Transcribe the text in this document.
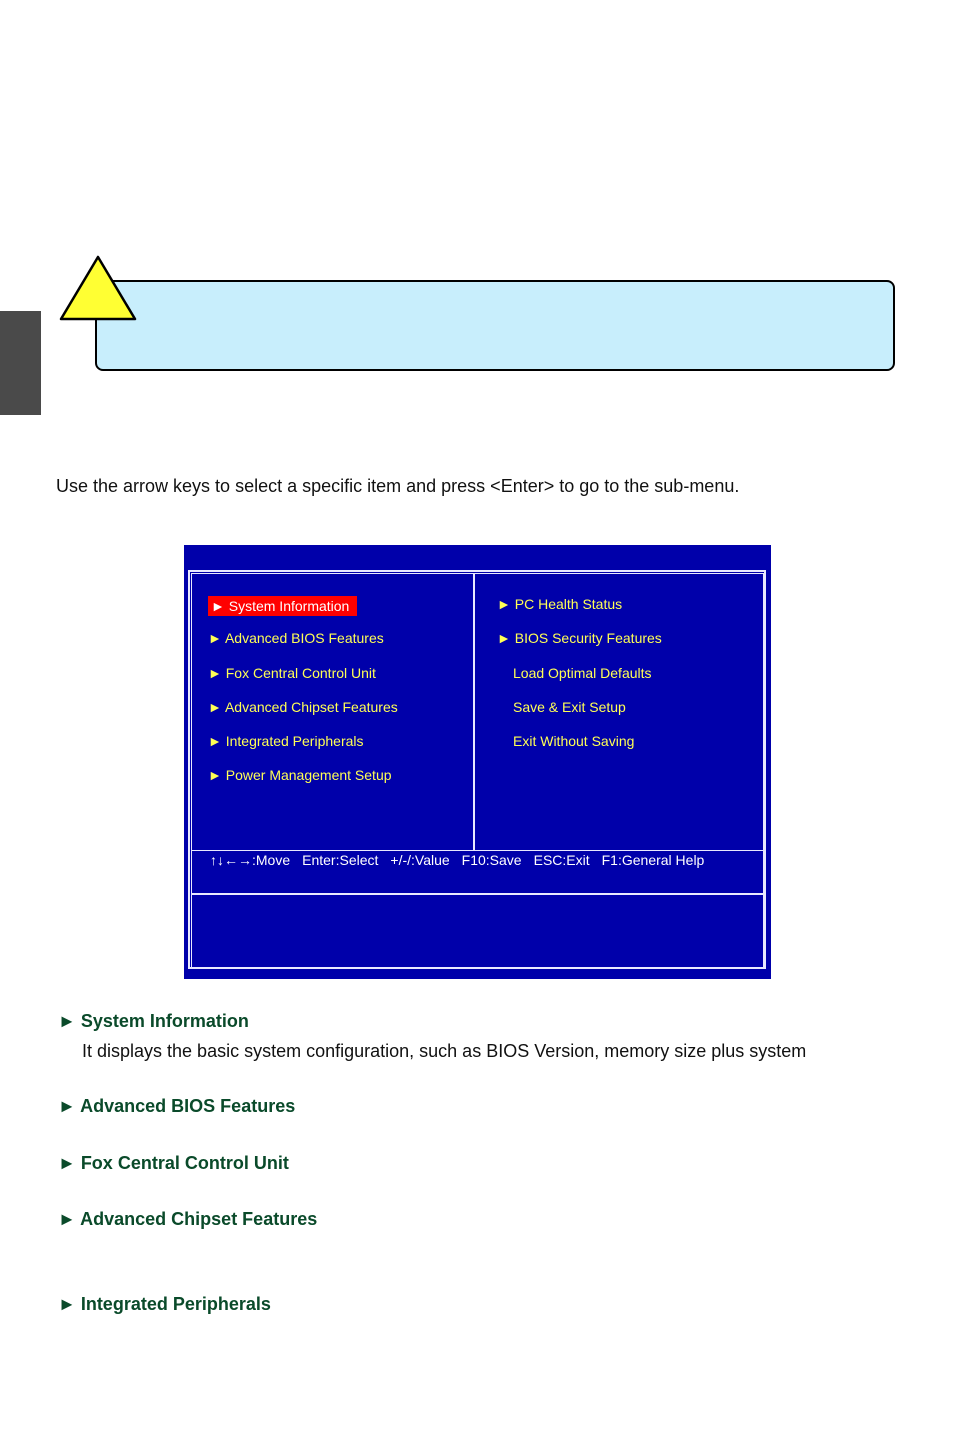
Use the arrow keys to select a specific item and press <Enter> to go to the sub-menu.
► System Information
► Advanced BIOS Features
► Fox Central Control Unit
► Advanced Chipset Features
► Integrated Peripherals
► Power Management Setup
► PC Health Status
► BIOS Security Features
Load Optimal Defaults
Save & Exit Setup
Exit Without Saving
↑↓←→:Move Enter:Select +/-/:Value F10:Save ESC:Exit F1:General Help
► System Information
It displays the basic system configuration, such as BIOS Version, memory size plus system
► Advanced BIOS Features
► Fox Central Control Unit
► Advanced Chipset Features
► Integrated Peripherals
